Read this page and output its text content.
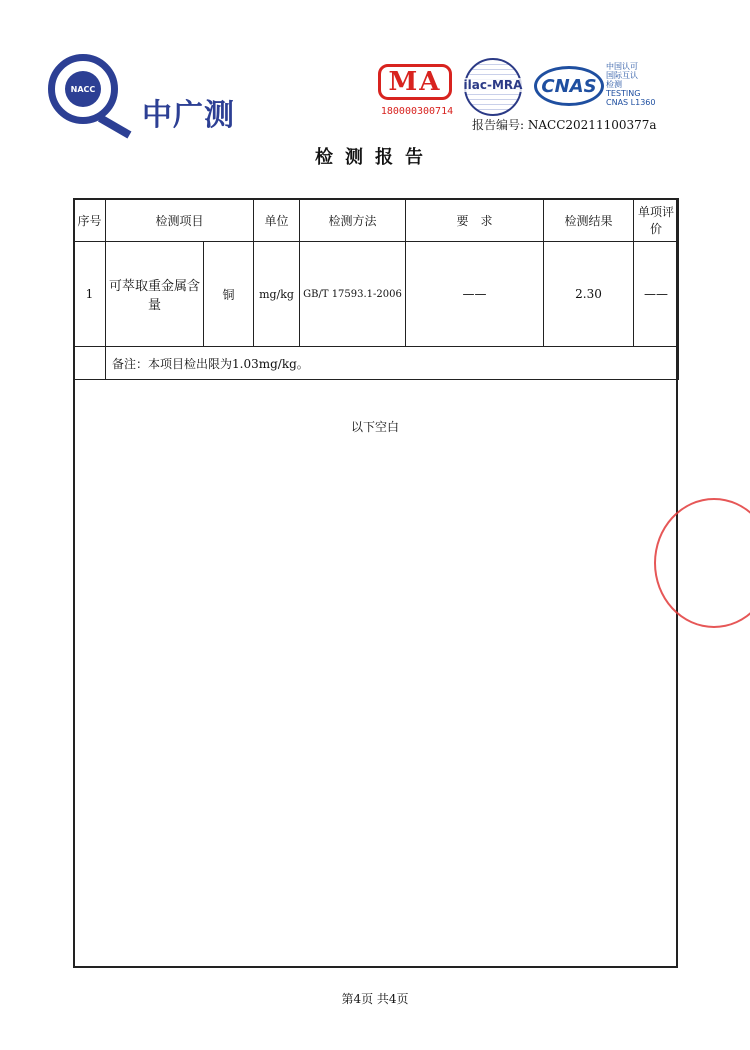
NACC
中广测
MA
180000300714
ilac-MRA	CNAS
中国认可
国际互认
检测
TESTING
CNAS L1360
报告编号: NACC20211100377a
检测报告
序号	检测项目		单位	检测方法	要　求	检测结果	单项评价
1	可萃取重金属含量	铜	mg/kg	GB/T 17593.1-2006	——	2.30	——
	备注：本项目检出限为1.03mg/kg。						
以下空白
第4页 共4页
